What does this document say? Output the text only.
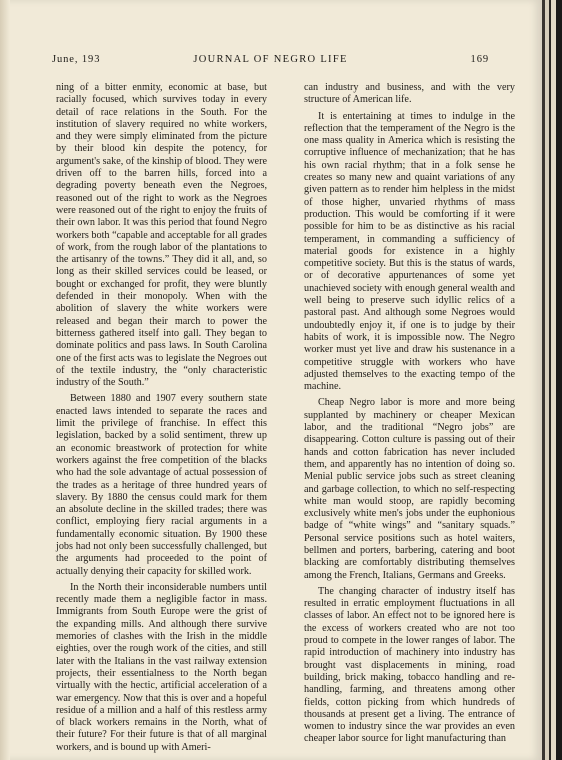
June, 193	JOURNAL OF NEGRO LIFE	169

ning of a bitter enmity, economic at base, but racially focused, which survives today in every detail of race relations in the South. For the institution of slavery required no white workers, and they were simply eliminated from the picture by their blood kin despite the potency, for argument's sake, of the kinship of blood. They were driven off to the barren hills, forced into a degrading poverty beneath even the Negroes, reasoned out of the right to work as the Negroes were reasoned out of the right to enjoy the fruits of their own labor. It was this period that found Negro workers both “capable and acceptable for all grades of work, from the rough labor of the plantations to the artisanry of the towns.” They did it all, and, so long as their skilled services could be leased, or bought or exchanged for profit, they were bluntly defended in their monopoly. When with the abolition of slavery the white workers were released and began their march to power the bitterness gathered itself into gall. They began to dominate politics and pass laws. In South Carolina one of the first acts was to legislate the Negroes out of the textile industry, the “only characteristic industry of the South.”

Between 1880 and 1907 every southern state enacted laws intended to separate the races and limit the privilege of franchise. In effect this legislation, backed by a solid sentiment, threw up an economic breastwork of protection for white workers against the free competition of the blacks who had the sole advantage of actual possession of the trades as a heritage of three hundred years of slavery. By 1880 the census could mark for them an absolute decline in the skilled trades; there was conflict, employing fiery racial arguments in a fundamentally economic situation. By 1900 these jobs had not only been successfully challenged, but the arguments had proceeded to the point of actually denying their capacity for skilled work.

In the North their inconsiderable numbers until recently made them a negligible factor in mass. Immigrants from South Europe were the grist of the expanding mills. And although there survive memories of clashes with the Irish in the middle eighties, over the rough work of the cities, and still later with the Italians in the vast railway extension projects, their essentialness to the North began virtually with the hectic, artificial acceleration of a war emergency. Now that this is over and a hopeful residue of a million and a half of this restless army of black workers remains in the North, what of their future? For their future is that of all marginal workers, and is bound up with Ameri-

can industry and business, and with the very structure of American life.

It is entertaining at times to indulge in the reflection that the temperament of the Negro is the one mass quality in America which is resisting the corruptive influence of mechanization; that he has his own racial rhythm; that in a folk sense he creates so many new and quaint variations of any given pattern as to render him helpless in the midst of those higher, unvaried rhythms of mass production. This would be comforting if it were possible for him to be as distinctive as his racial temperament, in commanding a sufficiency of material goods for existence in a highly competitive society. But this is the status of wards, or of decorative appurtenances of some yet unachieved society with enough general wealth and well being to preserve such idyllic relics of a pastoral past. And although some Negroes would undoubtedly enjoy it, if one is to judge by their habits of work, it is impossible now. The Negro worker must yet live and draw his sustenance in a competitive struggle with workers who have adjusted themselves to the exacting tempo of the machine.

Cheap Negro labor is more and more being supplanted by machinery or cheaper Mexican labor, and the traditional “Negro jobs” are disappearing. Cotton culture is passing out of their hands and cotton fabrication has never included them, and apparently has no intention of doing so. Menial public service jobs such as street cleaning and garbage collection, to which no self-respecting white man would stoop, are rapidly becoming exclusively white men's jobs under the euphonious badge of “white wings” and “sanitary squads.” Personal service positions such as hotel waiters, bellmen and porters, barbering, catering and boot blacking are comfortably distributing themselves among the French, Italians, Germans and Greeks.

The changing character of industry itself has resulted in erratic employment fluctuations in all classes of labor. An effect not to be ignored here is the excess of workers created who are not too proud to compete in the lower ranges of labor. The rapid introduction of machinery into industry has brought vast displacements in mining, road building, brick making, tobacco handling and re-handling, farming, and threatens among other fields, cotton picking from which hundreds of thousands at present get a living. The entrance of women to industry since the war provides an even cheaper labor source for light manufacturing than
